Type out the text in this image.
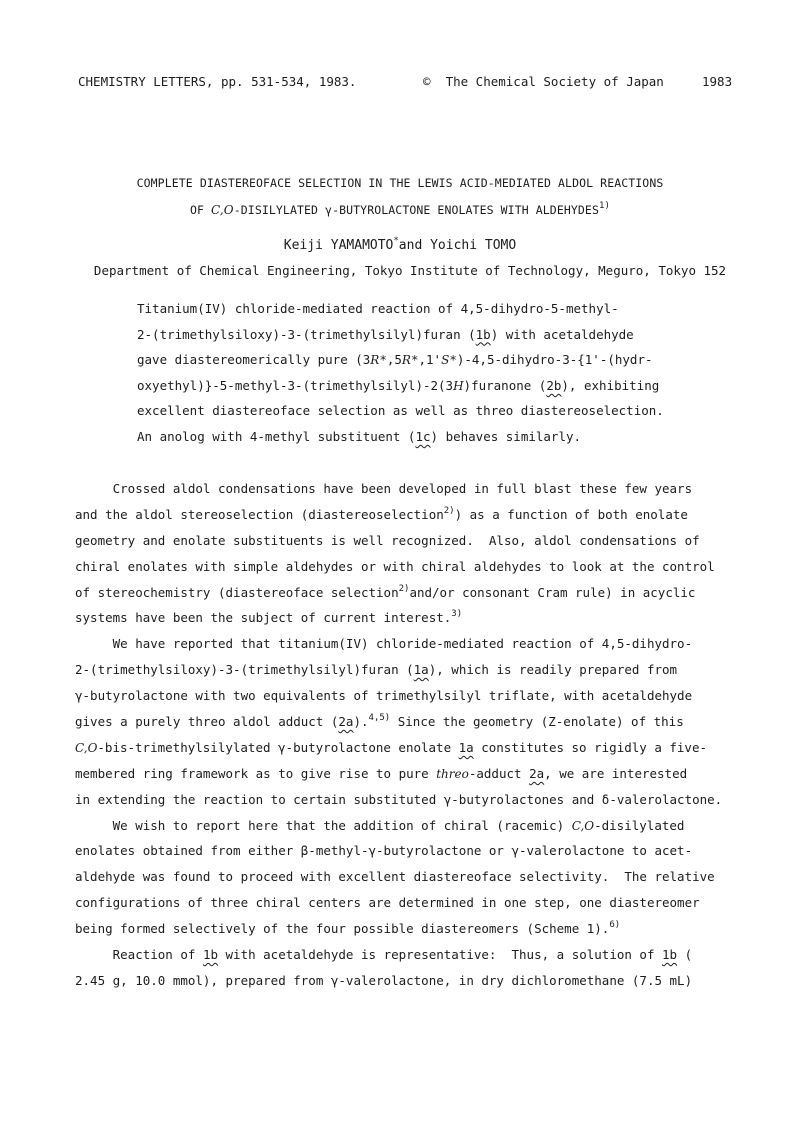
CHEMISTRY LETTERS, pp. 531-534, 1983.	©  The Chemical Society of Japan	1983
COMPLETE DIASTEREOFACE SELECTION IN THE LEWIS ACID-MEDIATED ALDOL REACTIONS
OF C,O-DISILYLATED γ-BUTYROLACTONE ENOLATES WITH ALDEHYDES$^{1)}$
Keiji YAMAMOTO*and Yoichi TOMO
Department of Chemical Engineering, Tokyo Institute of Technology, Meguro, Tokyo 152
Titanium(IV) chloride-mediated reaction of 4,5-dihydro-5-methyl-
2-(trimethylsiloxy)-3-(trimethylsilyl)furan (1b) with acetaldehyde
gave diastereomerically pure (3R*,5R*,1'S*)-4,5-dihydro-3-{1'-(hydr-
oxyethyl)}-5-methyl-3-(trimethylsilyl)-2(3H)furanone (2b), exhibiting
excellent diastereoface selection as well as threo diastereoselection.
An anolog with 4-methyl substituent (1c) behaves similarly.
Crossed aldol condensations have been developed in full blast these few years
and the aldol stereoselection (diastereoselection$^{2)}$) as a function of both enolate
geometry and enolate substituents is well recognized.  Also, aldol condensations of
chiral enolates with simple aldehydes or with chiral aldehydes to look at the control
of stereochemistry (diastereoface selection$^{2)}$and/or consonant Cram rule) in acyclic
systems have been the subject of current interest.$^{3)}$
We have reported that titanium(IV) chloride-mediated reaction of 4,5-dihydro-
2-(trimethylsiloxy)-3-(trimethylsilyl)furan (1a), which is readily prepared from
γ-butyrolactone with two equivalents of trimethylsilyl triflate, with acetaldehyde
gives a purely threo aldol adduct (2a).$^{4,5)}$ Since the geometry (Z-enolate) of this
C,O-bis-trimethylsilylated γ-butyrolactone enolate 1a constitutes so rigidly a five-
membered ring framework as to give rise to pure threo-adduct 2a, we are interested
in extending the reaction to certain substituted γ-butyrolactones and δ-valerolactone.
We wish to report here that the addition of chiral (racemic) C,O-disilylated
enolates obtained from either β-methyl-γ-butyrolactone or γ-valerolactone to acet-
aldehyde was found to proceed with excellent diastereoface selectivity.  The relative
configurations of three chiral centers are determined in one step, one diastereomer
being formed selectively of the four possible diastereomers (Scheme 1).$^{6)}$
Reaction of 1b with acetaldehyde is representative:  Thus, a solution of 1b (
2.45 g, 10.0 mmol), prepared from γ-valerolactone, in dry dichloromethane (7.5 mL)
